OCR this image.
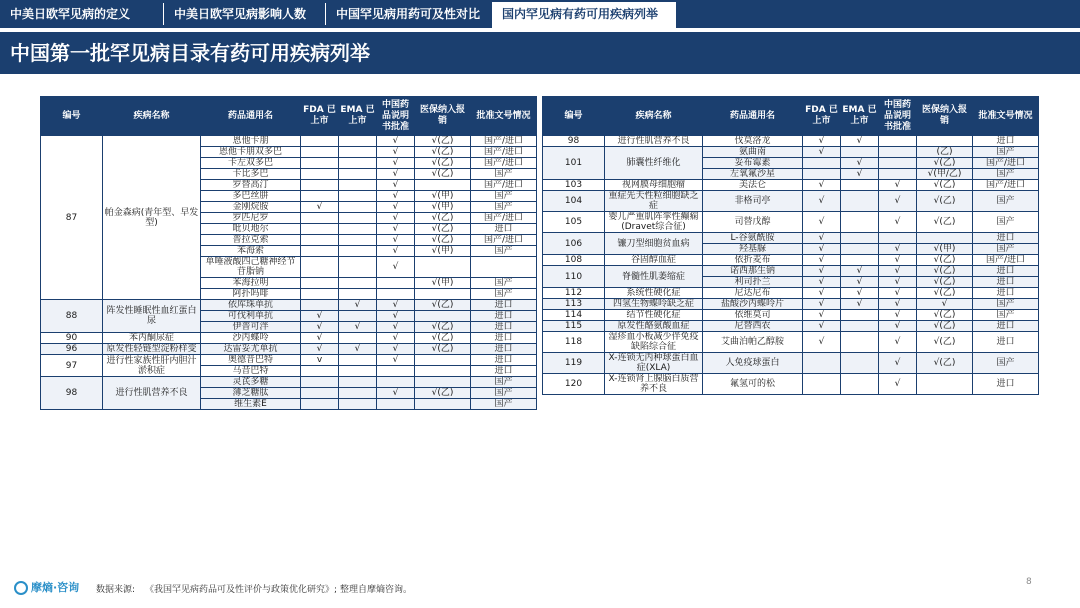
中美日欧罕见病的定义	中美日欧罕见病影响人数	中国罕见病用药可及性对比	国内罕见病有药可用疾病列举
中国第一批罕见病目录有药可用疾病列举
编号	疾病名称	药品通用名	FDA 已上市	EMA 已上市	中国药品说明书批准	医保纳入报销	批准文号情况
87	帕金森病(青年型、早发型)	恩他卡朋			√	√(乙)	国产/进口
		恩他卡朋双多巴			√	√(乙)	国产/进口
		卡左双多巴			√	√(乙)	国产/进口
		卡比多巴			√	√(乙)	国产
		罗替高汀			√		国产/进口
		多巴丝肼			√	√(甲)	国产
		金刚烷胺	√		√	√(甲)	国产
		罗匹尼罗			√	√(乙)	国产/进口
		吡贝地尔			√	√(乙)	进口
		普拉克索			√	√(乙)	国产/进口
		苯海索			√	√(甲)	国产
		单唾液酸四己糖神经节苷脂钠			√		
		苯海拉明				√(甲)	国产
		阿扑吗啡					国产
88	阵发性睡眠性血红蛋白尿	依库珠单抗		√	√	√(乙)	进口
		可伐利单抗	√		√		进口
		伊普可泮	√	√	√	√(乙)	进口
90	苯丙酮尿症	沙丙蝶呤	√		√	√(乙)	进口
96	原发性轻链型淀粉样变	达雷妥尤单抗	√	√	√	√(乙)	进口
97	进行性家族性肝内胆汁淤积症	奥德昔巴特	v		√		进口
		马昔巴特					进口
98	进行性肌营养不良	灵芪多糖					国产
		薄芝糖肽			√	√(乙)	国产
		维生素E					国产
编号	疾病名称	药品通用名	FDA 已上市	EMA 已上市	中国药品说明书批准	医保纳入报销	批准文号情况
98	进行性肌营养不良	伐莫洛龙	√	√			进口
101	肺囊性纤维化	氨曲南	√			(乙)	国产
		妥布霉素		√		√(乙)	国产/进口
		左氧氟沙星		√		√(甲/乙)	国产
103	视网膜母细胞瘤	美法仑	√		√	√(乙)	国产/进口
104	重症先天性粒细胞缺乏症	非格司亭	√		√	√(乙)	国产
105	婴儿严重肌阵挛性癫痫(Dravet综合征)	司替戊醇	√		√	√(乙)	国产
106	镰刀型细胞贫血病	L-谷氨酰胺	√				进口
		羟基脲	√		√	√(甲)	国产
108	谷固醇血症	依折麦布	√		√	√(乙)	国产/进口
110	脊髓性肌萎缩症	诺西那生钠	√	√	√	√(乙)	进口
		利司扑兰	√	√	√	√(乙)	进口
112	系统性硬化症	尼达尼布	√	√	√	√(乙)	进口
113	四氢生物蝶呤缺乏症	盐酸沙丙蝶呤片	√	√	√	√	国产
114	结节性硬化症	依维莫司	√		√	√(乙)	国产
115	原发性酪氨酸血症	尼替西农	√		√	√(乙)	进口
118	湿疹血小板减少伴免疫缺陷综合征	艾曲泊帕乙醇胺	√		√	√(乙)	进口
119	X-连锁无丙种球蛋白血症(XLA)	人免疫球蛋白			√	√(乙)	国产
120	X-连锁肾上腺脑白质营养不良	氟氢可的松			√		进口
摩熵·咨询 数据来源: 《我国罕见病药品可及性评价与政策优化研究》; 整理自摩熵咨询。
8
